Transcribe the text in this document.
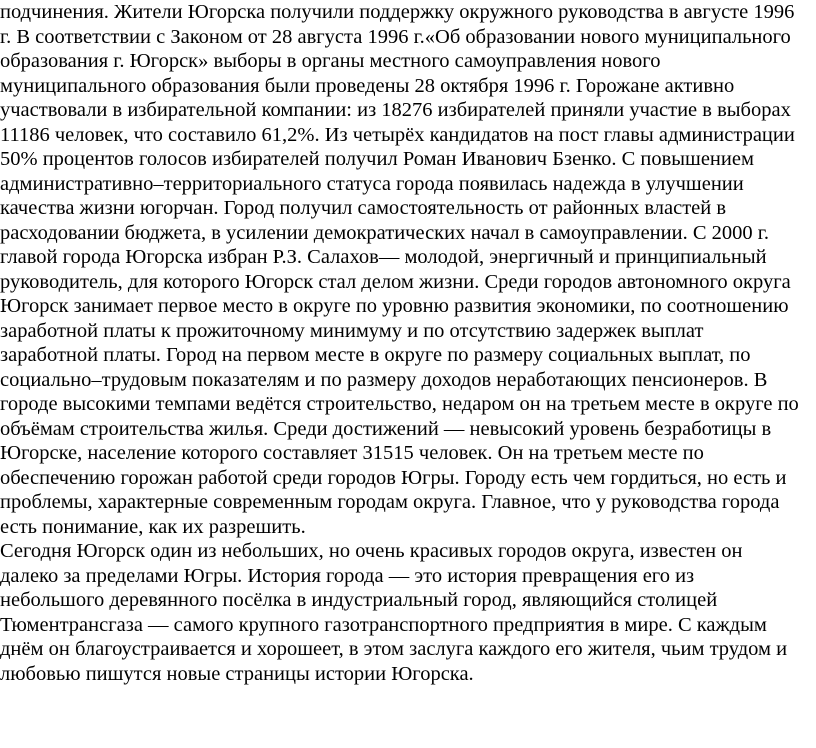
подчинения. Жители Югорска получили поддержку окружного руководства в августе 1996

г. В соответствии с Законом от 28 августа 1996 г.«Об образовании нового муниципального

образования г. Югорск» выборы в органы местного самоуправления нового

муниципального образования были проведены 28 октября 1996 г. Горожане активно

участвовали в избирательной компании: из 18276 избирателей приняли участие в выборах

11186 человек, что составило 61,2%. Из четырёх кандидатов на пост главы администрации

50% процентов голосов избирателей получил Роман Иванович Бзенко. С повышением

административно–территориального статуса города появилась надежда в улучшении

качества жизни югорчан. Город получил самостоятельность от районных властей в

расходовании бюджета, в усилении демократических начал в самоуправлении. С 2000 г.

главой города Югорска избран Р.З. Салахов— молодой, энергичный и принципиальный

руководитель, для которого Югорск стал делом жизни. Среди городов автономного округа

Югорск занимает первое место в округе по уровню развития экономики, по соотношению

заработной платы к прожиточному минимуму и по отсутствию задержек выплат

заработной платы. Город на первом месте в округе по размеру социальных выплат, по

социально–трудовым показателям и по размеру доходов неработающих пенсионеров. В

городе высокими темпами ведётся строительство, недаром он на третьем месте в округе по

объёмам строительства жилья. Среди достижений — невысокий уровень безработицы в

Югорске, население которого составляет 31515 человек. Он на третьем месте по

обеспечению горожан работой среди городов Югры. Городу есть чем гордиться, но есть и

проблемы, характерные современным городам округа. Главное, что у руководства города

есть понимание, как их разрешить.

Сегодня Югорск один из небольших, но очень красивых городов округа, известен он

далеко за пределами Югры. История города — это история превращения его из

небольшого деревянного посёлка в индустриальный город, являющийся столицей

Тюментрансгаза — самого крупного газотранспортного предприятия в мире. С каждым

днём он благоустраивается и хорошеет, в этом заслуга каждого его жителя, чьим трудом и

любовью пишутся новые страницы истории Югорска.
